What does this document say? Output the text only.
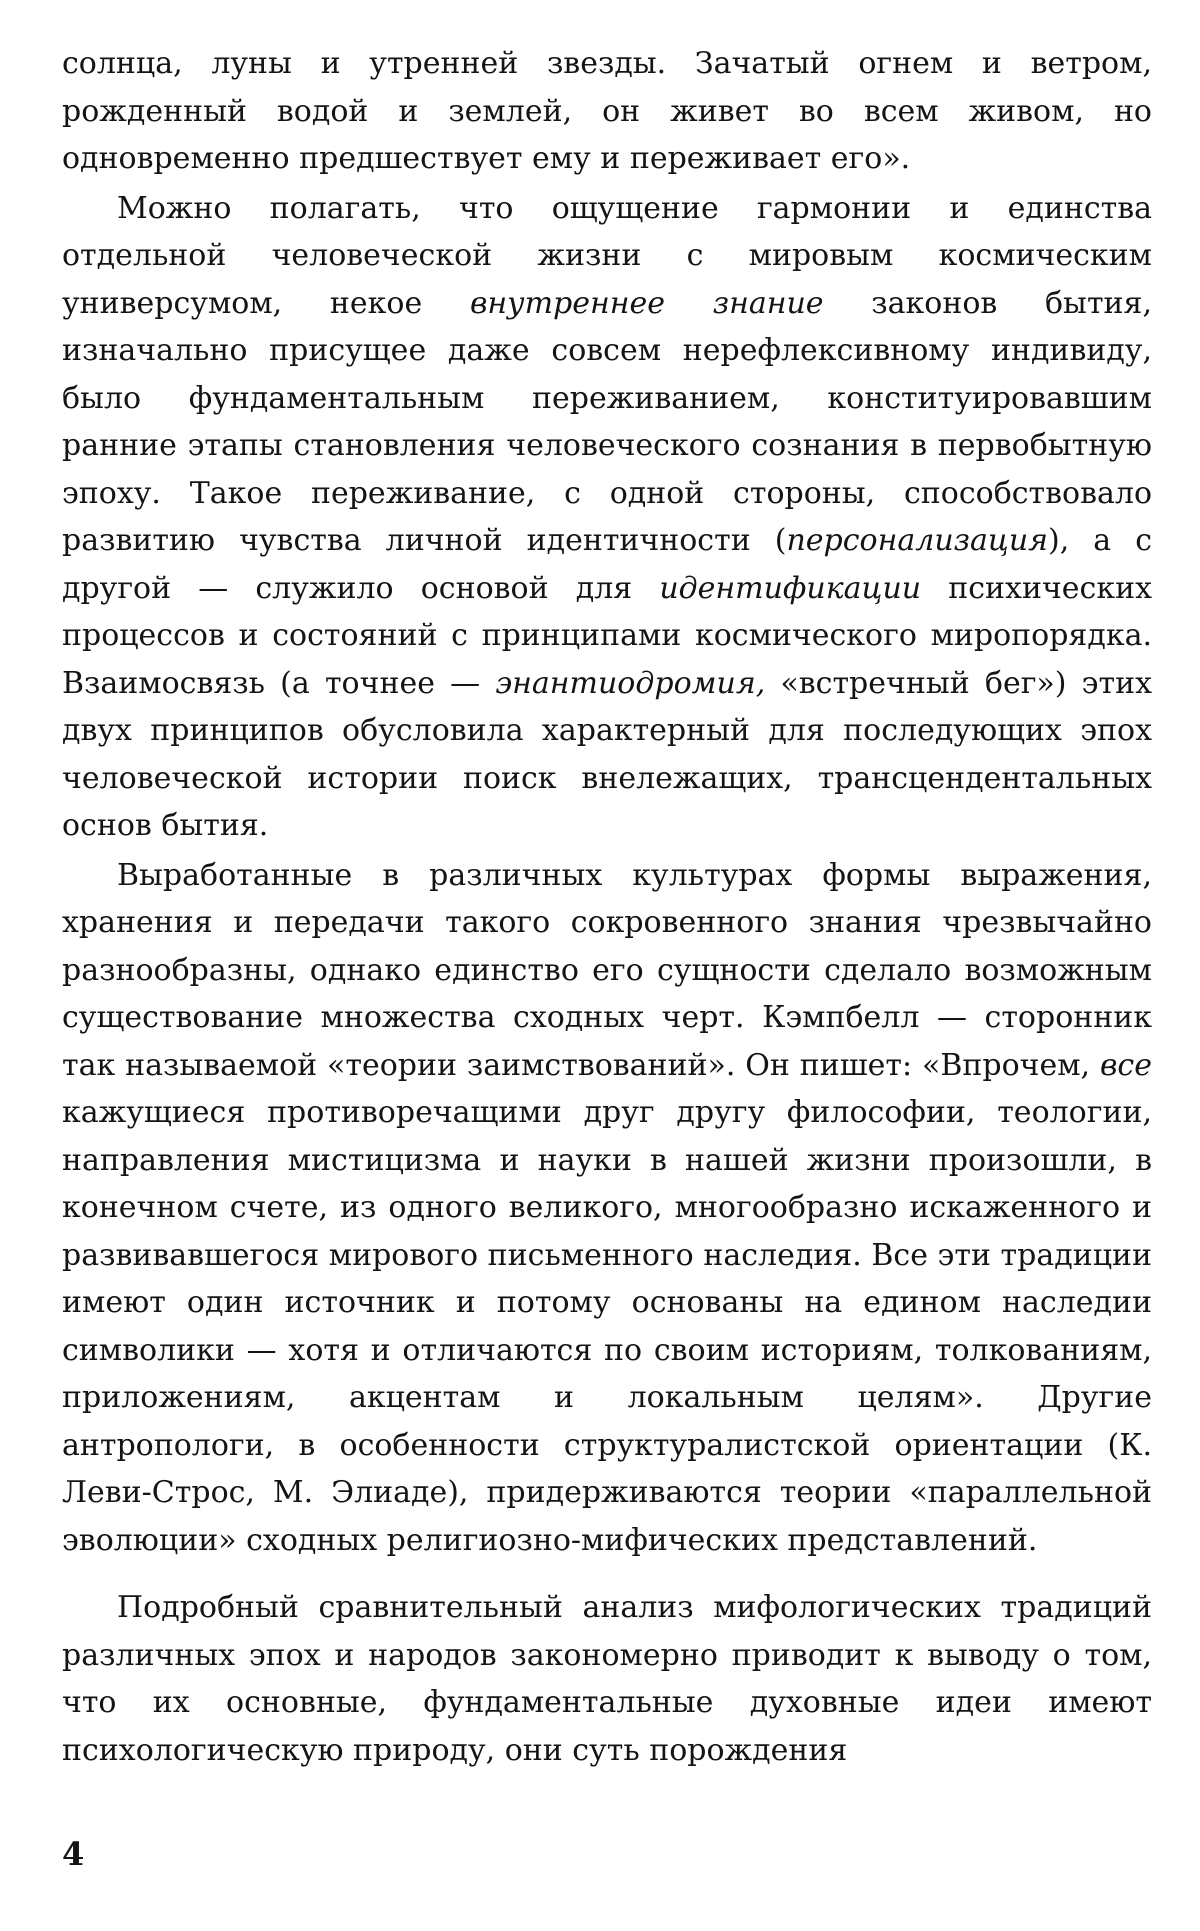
солнца, луны и утренней звезды. Зачатый огнем и ветром, рожденный водой и землей, он живет во всем живом, но одновременно предшествует ему и переживает его».

Можно полагать, что ощущение гармонии и единства отдельной человеческой жизни с мировым космическим универсумом, некое внутреннее знание законов бытия, изначально присущее даже совсем нерефлексивному индивиду, было фундаментальным переживанием, конституировавшим ранние этапы становления человеческого сознания в первобытную эпоху. Такое переживание, с одной стороны, способствовало развитию чувства личной идентичности (персонализация), а с другой — служило основой для идентификации психических процессов и состояний с принципами космического миропорядка. Взаимосвязь (а точнее — энантиодромия, «встречный бег») этих двух принципов обусловила характерный для последующих эпох человеческой истории поиск внележащих, трансцендентальных основ бытия.

Выработанные в различных культурах формы выражения, хранения и передачи такого сокровенного знания чрезвычайно разнообразны, однако единство его сущности сделало возможным существование множества сходных черт. Кэмпбелл — сторонник так называемой «теории заимствований». Он пишет: «Впрочем, все кажущиеся противоречащими друг другу философии, теологии, направления мистицизма и науки в нашей жизни произошли, в конечном счете, из одного великого, многообразно искаженного и развивавшегося мирового письменного наследия. Все эти традиции имеют один источник и потому основаны на едином наследии символики — хотя и отличаются по своим историям, толкованиям, приложениям, акцентам и локальным целям». Другие антропологи, в особенности структуралистской ориентации (К. Леви-Строс, М. Элиаде), придерживаются теории «параллельной эволюции» сходных религиозно-мифических представлений.

Подробный сравнительный анализ мифологических традиций различных эпох и народов закономерно приводит к выводу о том, что их основные, фундаментальные духовные идеи имеют психологическую природу, они суть порождения

4
